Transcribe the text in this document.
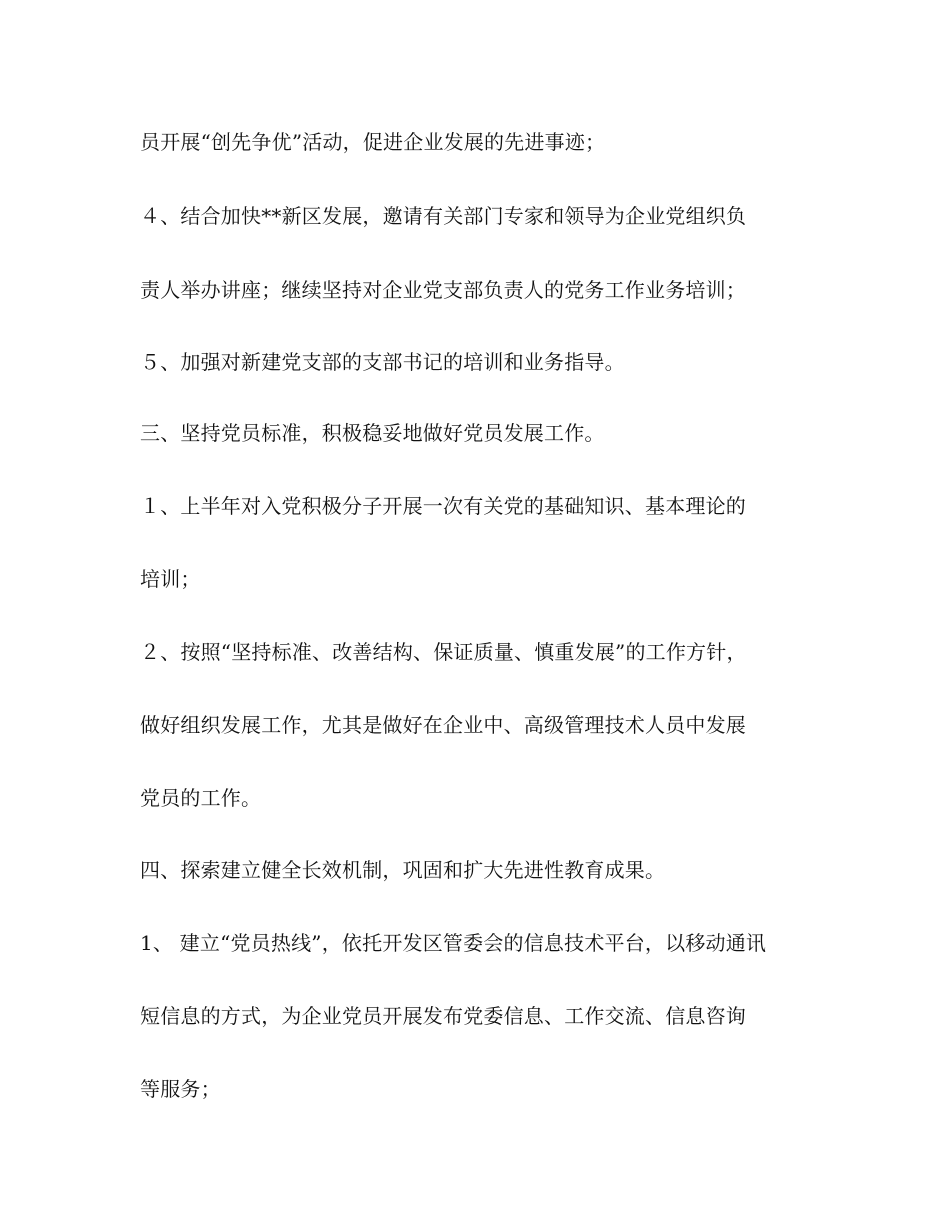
员开展“创先争优”活动，促进企业发展的先进事迹；
４、结合加快**新区发展，邀请有关部门专家和领导为企业党组织负
责人举办讲座；继续坚持对企业党支部负责人的党务工作业务培训；
５、加强对新建党支部的支部书记的培训和业务指导。
三、坚持党员标准，积极稳妥地做好党员发展工作。
１、上半年对入党积极分子开展一次有关党的基础知识、基本理论的
培训；
２、按照“坚持标准、改善结构、保证质量、慎重发展”的工作方针，
做好组织发展工作，尤其是做好在企业中、高级管理技术人员中发展
党员的工作。
四、探索建立健全长效机制，巩固和扩大先进性教育成果。
1、 建立“党员热线”，依托开发区管委会的信息技术平台，以移动通讯
短信息的方式，为企业党员开展发布党委信息、工作交流、信息咨询
等服务；
